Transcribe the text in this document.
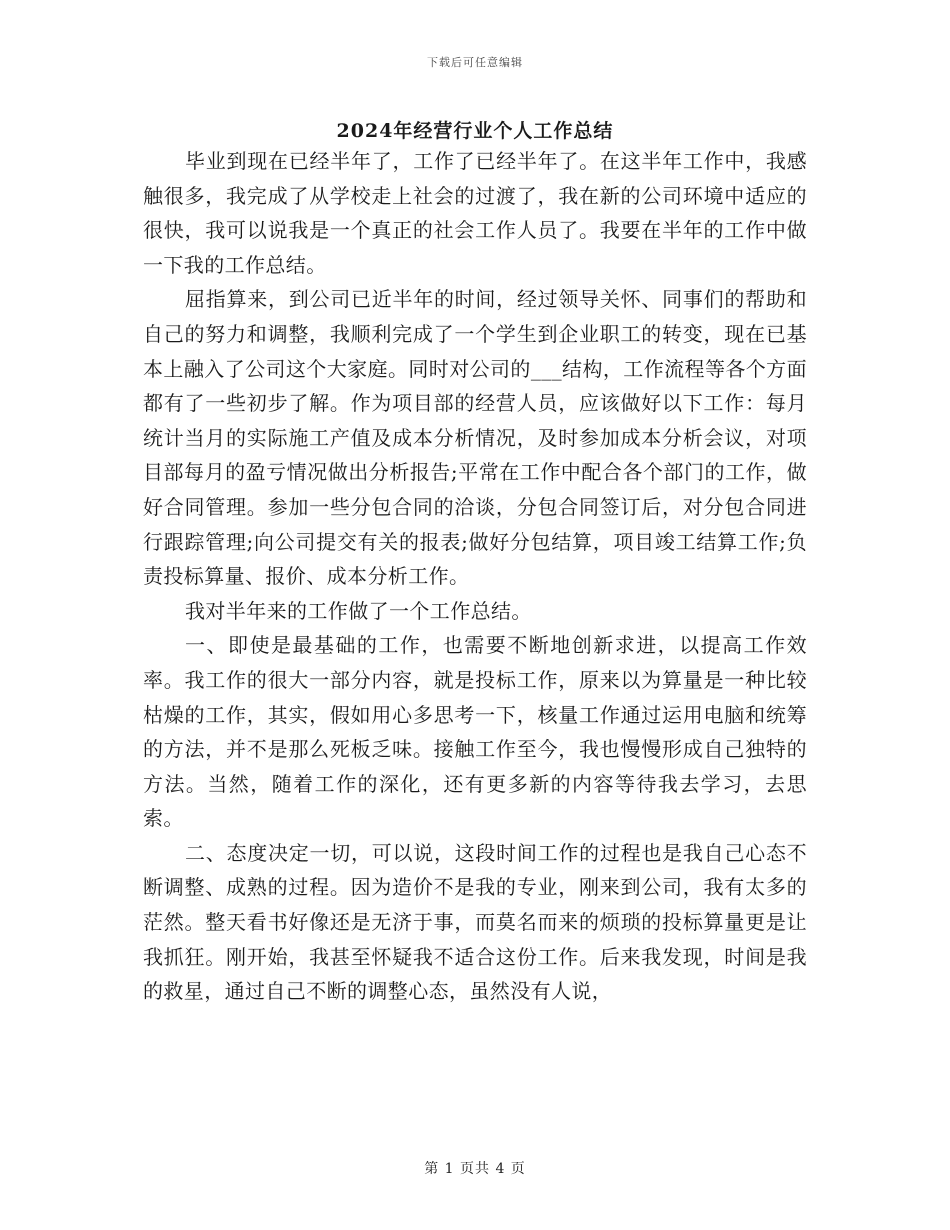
下载后可任意编辑
2024年经营行业个人工作总结

毕业到现在已经半年了，工作了已经半年了。在这半年工作中，我感触很多，我完成了从学校走上社会的过渡了，我在新的公司环境中适应的很快，我可以说我是一个真正的社会工作人员了。我要在半年的工作中做一下我的工作总结。

屈指算来，到公司已近半年的时间，经过领导关怀、同事们的帮助和自己的努力和调整，我顺利完成了一个学生到企业职工的转变，现在已基本上融入了公司这个大家庭。同时对公司的___结构，工作流程等各个方面都有了一些初步了解。作为项目部的经营人员，应该做好以下工作：每月统计当月的实际施工产值及成本分析情况，及时参加成本分析会议，对项目部每月的盈亏情况做出分析报告;平常在工作中配合各个部门的工作，做好合同管理。参加一些分包合同的洽谈，分包合同签订后，对分包合同进行跟踪管理;向公司提交有关的报表;做好分包结算，项目竣工结算工作;负责投标算量、报价、成本分析工作。

我对半年来的工作做了一个工作总结。

一、即使是最基础的工作，也需要不断地创新求进，以提高工作效率。我工作的很大一部分内容，就是投标工作，原来以为算量是一种比较枯燥的工作，其实，假如用心多思考一下，核量工作通过运用电脑和统筹的方法，并不是那么死板乏味。接触工作至今，我也慢慢形成自己独特的方法。当然，随着工作的深化，还有更多新的内容等待我去学习，去思索。

二、态度决定一切，可以说，这段时间工作的过程也是我自己心态不断调整、成熟的过程。因为造价不是我的专业，刚来到公司，我有太多的茫然。整天看书好像还是无济于事，而莫名而来的烦琐的投标算量更是让我抓狂。刚开始，我甚至怀疑我不适合这份工作。后来我发现，时间是我的救星，通过自己不断的调整心态，虽然没有人说，

第 1 页共 4 页
